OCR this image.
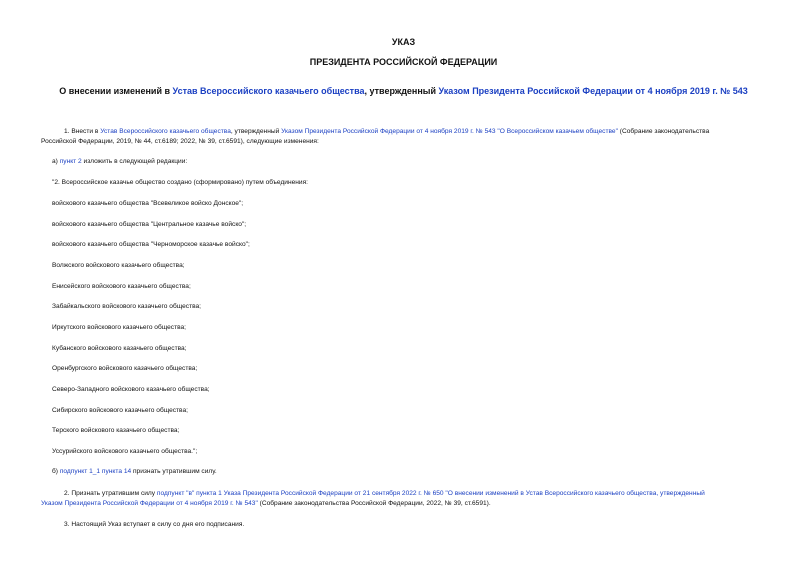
УКАЗ
ПРЕЗИДЕНТА РОССИЙСКОЙ ФЕДЕРАЦИИ
О внесении изменений в Устав Всероссийского казачьего общества, утвержденный Указом Президента Российской Федерации от 4 ноября 2019 г. № 543
1. Внести в Устав Всероссийского казачьего общества, утвержденный Указом Президента Российской Федерации от 4 ноября 2019 г. № 543 "О Всероссийском казачьем обществе" (Собрание законодательства
Российской Федерации, 2019, № 44, ст.6189; 2022, № 39, ст.6591), следующие изменения:
а) пункт 2 изложить в следующей редакции:
"2. Всероссийское казачье общество создано (сформировано) путем объединения:
войскового казачьего общества "Всевеликое войско Донское";
войскового казачьего общества "Центральное казачье войско";
войскового казачьего общества "Черноморское казачье войско";
Волжского войскового казачьего общества;
Енисейского войскового казачьего общества;
Забайкальского войскового казачьего общества;
Иркутского войскового казачьего общества;
Кубанского войскового казачьего общества;
Оренбургского войскового казачьего общества;
Северо-Западного войскового казачьего общества;
Сибирского войскового казачьего общества;
Терского войскового казачьего общества;
Уссурийского войскового казачьего общества.";
б) подпункт 1_1 пункта 14 признать утратившим силу.
2. Признать утратившим силу подпункт "в" пункта 1 Указа Президента Российской Федерации от 21 сентября 2022 г. № 650 "О внесении изменений в Устав Всероссийского казачьего общества, утвержденный
Указом Президента Российской Федерации от 4 ноября 2019 г. № 543" (Собрание законодательства Российской Федерации, 2022, № 39, ст.6591).
3. Настоящий Указ вступает в силу со дня его подписания.
